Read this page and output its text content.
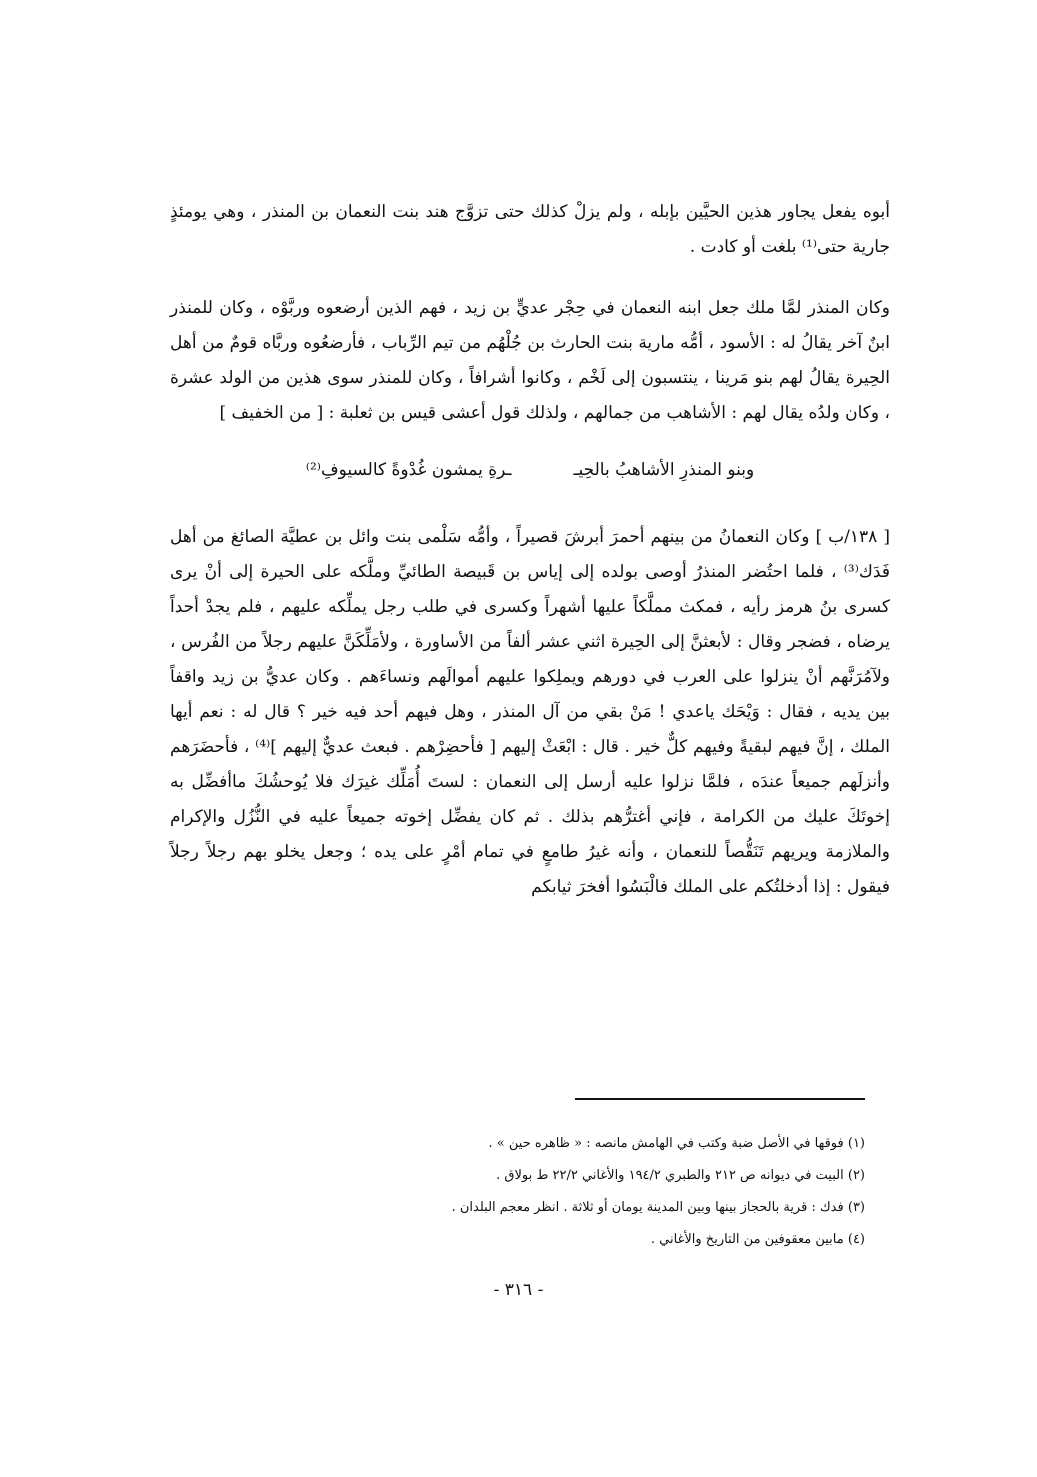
أبوه يفعل يجاور هذين الحيَّين بإبله ، ولم يزلْ كذلك حتى تزوَّج هند بنت النعمان بن المنذر ، وهي يومئذٍ جارية حتى⁽¹⁾ بلغت أو كادت .

وكان المنذر لمَّا ملك جعل ابنه النعمان في حِجْر عديٍّ بن زيد ، فهم الذين أرضعوه وربَّوْه ، وكان للمنذر ابنٌ آخر يقالُ له : الأسود ، أمُّه مارية بنت الحارث بن جُلْهُم من تيم الرِّباب ، فأرضعُوه وربَّاه قومٌ من أهل الحِيرة يقالُ لهم بنو مَرينا ، ينتسبون إلى لَخْم ، وكانوا أشرافاً ، وكان للمنذر سوى هذين من الولد عشرة ، وكان ولدُه يقال لهم : الأشاهب من جمالهم ، ولذلك قول أعشى قيس بن ثعلبة : [ من الخفيف ]

وبنو المنذرِ الأشاهبُ بالحِيـ
ـرةِ يمشون غُدْوةً كالسيوفِ⁽²⁾

[ ١٣٨/ب ] وكان النعمانُ من بينهم أحمرَ أبرشَ قصيراً ، وأمُّه سَلْمى بنت وائل بن عطيَّة الصائغ من أهل فَدَك⁽³⁾ ، فلما احتُضر المنذرُ أوصى بولده إلى إياس بن قَبيصة الطائيِّ وملَّكه على الحيرة إلى أنْ يرى كسرى بنُ هرمز رأيه ، فمكث مملَّكاً عليها أشهراً وكسرى في طلب رجل يملِّكه عليهم ، فلم يجدْ أحداً يرضاه ، فضجر وقال : لأبعثنَّ إلى الحِيرة اثني عشر ألفاً من الأساورة ، ولأمَلِّكَنَّ عليهم رجلاً من الفُرس ، ولآمُرَنَّهم أنْ ينزلوا على العرب في دورهم ويملِكوا عليهم أموالَهم ونساءَهم . وكان عديُّ بن زيد واقفاً بين يديه ، فقال : وَيْحَك ياعدي ! مَنْ بقي من آل المنذر ، وهل فيهم أحد فيه خير ؟ قال له : نعم أيها الملك ، إنَّ فيهم لبقيةً وفيهم كلٌّ خير . قال : ابْعَثْ إليهم [ فأحضِرْهم . فبعث عديٌّ إليهم ]⁽⁴⁾ ، فأحضَرَهم وأنزلَهم جميعاً عندَه ، فلمَّا نزلوا عليه أرسل إلى النعمان : لستَ أُمَلِّك غيرَك فلا يُوحشُكَ ماأفضِّل به إخوتَكَ عليك من الكرامة ، فإني أغترُّهم بذلك . ثم كان يفضِّل إخوته جميعاً عليه في النُّزُل والإكرام والملازمة ويريهم تَنَقُّصاً للنعمان ، وأنه غيرُ طامعٍ في تمام أمْرٍ على يده ؛ وجعل يخلو بهم رجلاً رجلاً فيقول : إذا أدخلتُكم على الملك فالْبَسُوا أفخرَ ثيابكم

(١) فوقها في الأصل ضبة وكتب في الهامش مانصه : « ظاهره حين » .
(٢) البيت في ديوانه ص ٢١٢ والطبري ١٩٤/٢ والأغاني ٢٢/٢ ط بولاق .
(٣) فدك : قرية بالحجاز بينها وبين المدينة يومان أو ثلاثة . انظر معجم البلدان .
(٤) مابين معقوفين من التاريخ والأغاني .
- ٣١٦ -
